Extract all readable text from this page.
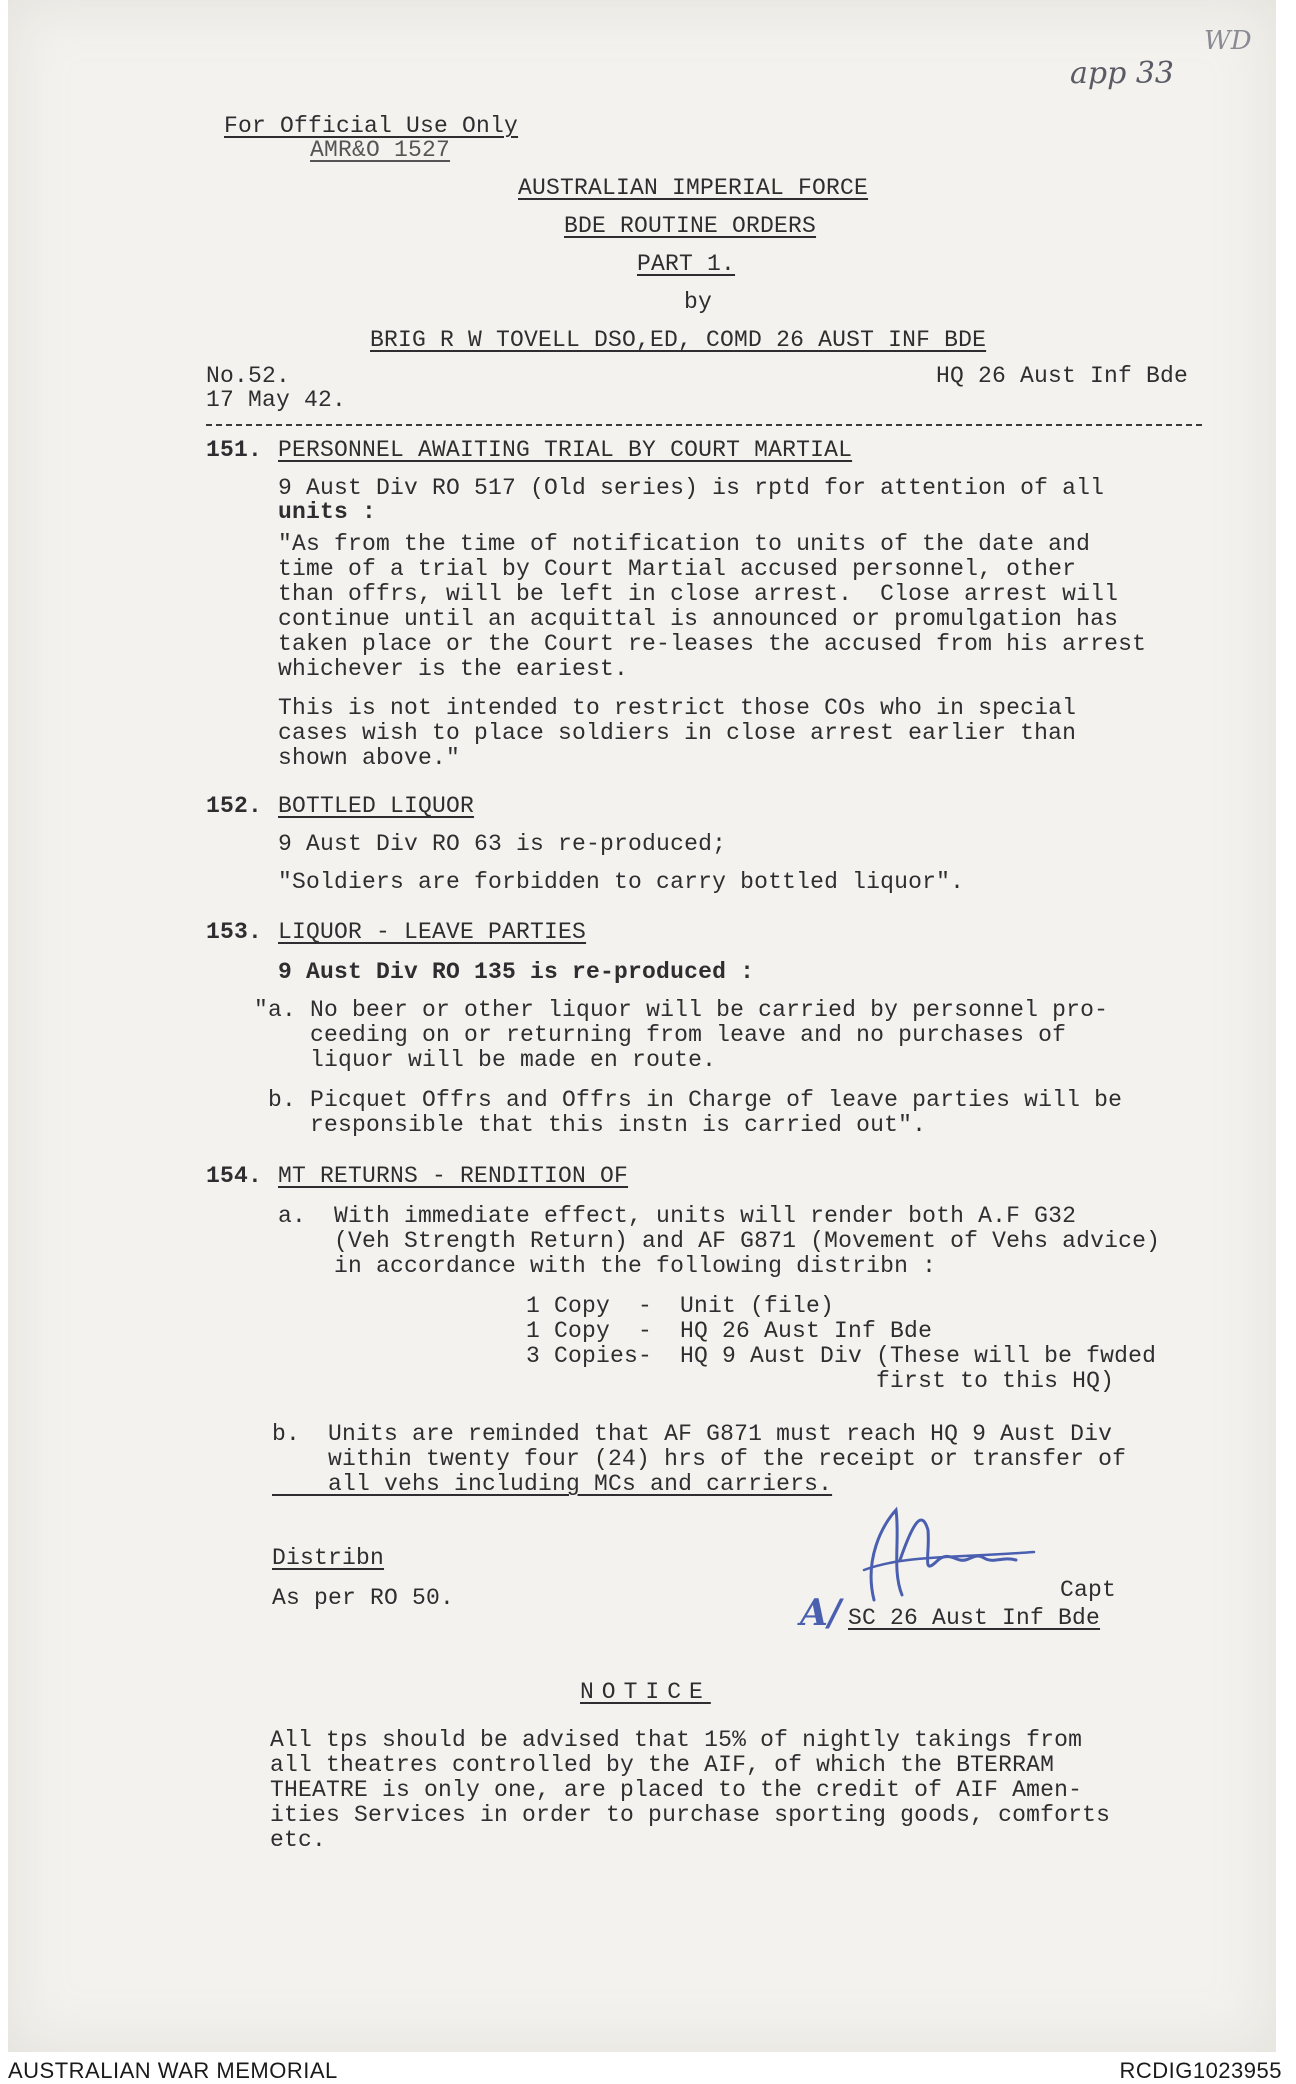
app 33
WD
For Official Use Only
AMR&O 1527
AUSTRALIAN IMPERIAL FORCE
BDE ROUTINE ORDERS
PART 1.
by
BRIG R W TOVELL DSO,ED, COMD 26 AUST INF BDE
No.52.
17 May 42.
HQ 26 Aust Inf Bde
151. PERSONNEL AWAITING TRIAL BY COURT MARTIAL
9 Aust Div RO 517 (Old series) is rptd for attention of all
units :
"As from the time of notification to units of the date and
time of a trial by Court Martial accused personnel, other
than offrs, will be left in close arrest.  Close arrest will
continue until an acquittal is announced or promulgation has
taken place or the Court re-leases the accused from his arrest
whichever is the eariest.
This is not intended to restrict those COs who in special
cases wish to place soldiers in close arrest earlier than
shown above."
152. BOTTLED LIQUOR
9 Aust Div RO 63 is re-produced;
"Soldiers are forbidden to carry bottled liquor".
153. LIQUOR - LEAVE PARTIES
9 Aust Div RO 135 is re-produced :
"a. No beer or other liquor will be carried by personnel pro-
ceeding on or returning from leave and no purchases of
liquor will be made en route.
b. Picquet Offrs and Offrs in Charge of leave parties will be
responsible that this instn is carried out".
154. MT RETURNS - RENDITION OF
a.  With immediate effect, units will render both A.F G32
(Veh Strength Return) and AF G871 (Movement of Vehs advice)
in accordance with the following distribn :
1 Copy  -  Unit (file)
1 Copy  -  HQ 26 Aust Inf Bde
3 Copies-  HQ 9 Aust Div (These will be fwded
first to this HQ)
b.  Units are reminded that AF G871 must reach HQ 9 Aust Div
within twenty four (24) hrs of the receipt or transfer of
all vehs including MCs and carriers.
Distribn
As per RO 50.	Capt
A/ SC 26 Aust Inf Bde
NOTICE
All tps should be advised that 15% of nightly takings from
all theatres controlled by the AIF, of which the BTERRAM
THEATRE is only one, are placed to the credit of AIF Amen-
ities Services in order to purchase sporting goods, comforts
etc.
AUSTRALIAN WAR MEMORIAL	RCDIG1023955
